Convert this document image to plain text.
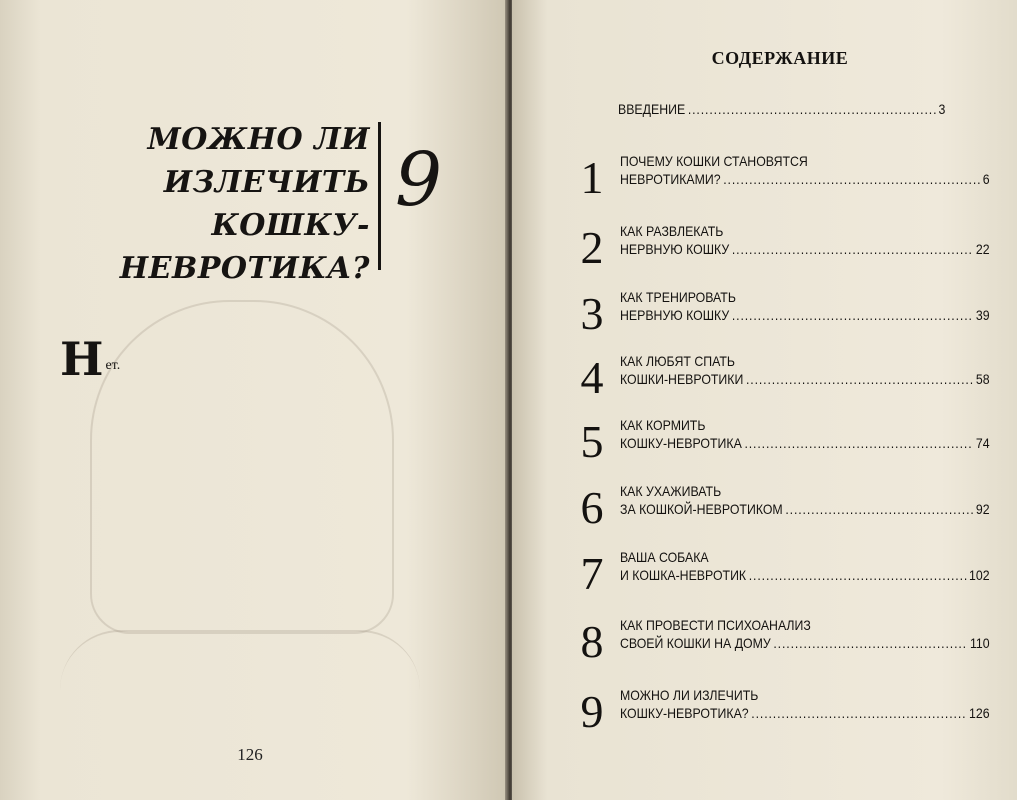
МОЖНО ЛИ
ИЗЛЕЧИТЬ
КОШКУ-
НЕВРОТИКА?
9
Н ет.
126
СОДЕРЖАНИЕ
ВВЕДЕНИЕ .....	3
1	ПОЧЕМУ КОШКИ СТАНОВЯТСЯ
НЕВРОТИКАМИ? .....	6
2	КАК РАЗВЛЕКАТЬ
НЕРВНУЮ КОШКУ .....	22
3	КАК ТРЕНИРОВАТЬ
НЕРВНУЮ КОШКУ .....	39
4	КАК ЛЮБЯТ СПАТЬ
КОШКИ-НЕВРОТИКИ .....	58
5	КАК КОРМИТЬ
КОШКУ-НЕВРОТИКА .....	74
6	КАК УХАЖИВАТЬ
ЗА КОШКОЙ-НЕВРОТИКОМ .....	92
7	ВАША СОБАКА
И КОШКА-НЕВРОТИК .....	102
8	КАК ПРОВЕСТИ ПСИХОАНАЛИЗ
СВОЕЙ КОШКИ НА ДОМУ .....	110
9	МОЖНО ЛИ ИЗЛЕЧИТЬ
КОШКУ-НЕВРОТИКА? .....	126
